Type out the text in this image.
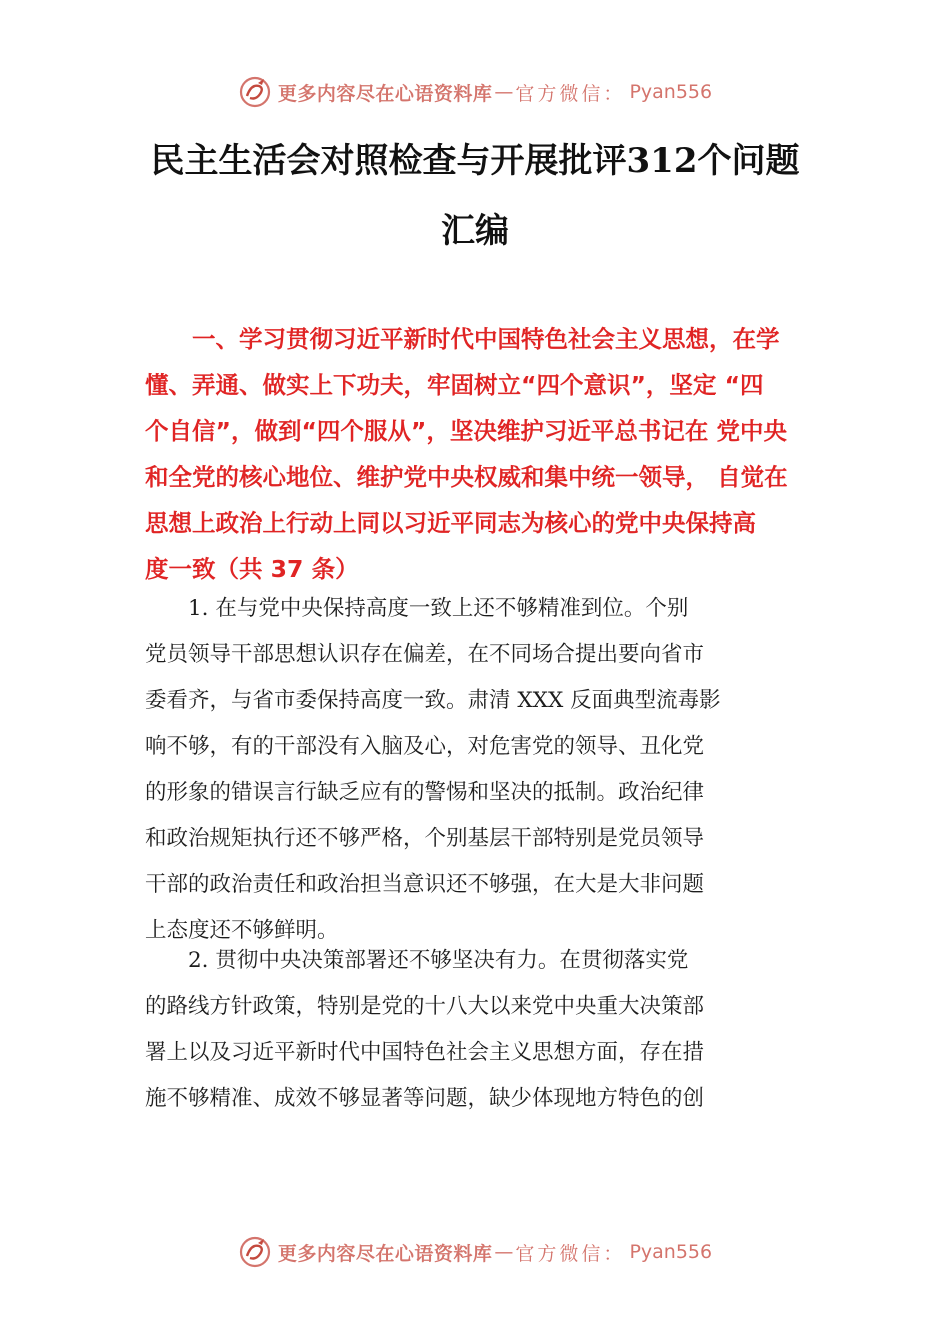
更多内容尽在心语资料库 — 官方微信： Pyan556
民主生活会对照检查与开展批评312个问题
汇编
　　一、学习贯彻习近平新时代中国特色社会主义思想，在学
懂、弄通、做实上下功夫，牢固树立“四个意识”，坚定 “四
个自信”，做到“四个服从”，坚决维护习近平总书记在 党中央
和全党的核心地位、维护党中央权威和集中统一领导， 自觉在
思想上政治上行动上同以习近平同志为核心的党中央保持高
度一致（共 37 条）
　　1. 在与党中央保持高度一致上还不够精准到位。个别
党员领导干部思想认识存在偏差，在不同场合提出要向省市
委看齐，与省市委保持高度一致。肃清 XXX 反面典型流毒影
响不够，有的干部没有入脑及心，对危害党的领导、丑化党
的形象的错误言行缺乏应有的警惕和坚决的抵制。政治纪律
和政治规矩执行还不够严格，个别基层干部特别是党员领导
干部的政治责任和政治担当意识还不够强，在大是大非问题
上态度还不够鲜明。
　　2. 贯彻中央决策部署还不够坚决有力。在贯彻落实党
的路线方针政策，特别是党的十八大以来党中央重大决策部
署上以及习近平新时代中国特色社会主义思想方面，存在措
施不够精准、成效不够显著等问题，缺少体现地方特色的创
更多内容尽在心语资料库 — 官方微信： Pyan556
